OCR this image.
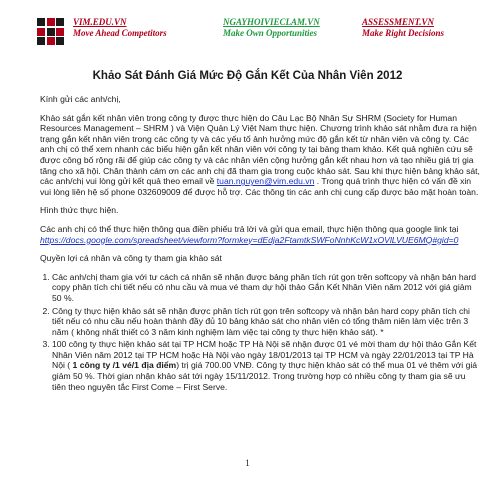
VIM.EDU.VN
Move Ahead Competitors
NGAYHOIVIECLAM.VN
Make Own Opportunities
ASSESSMENT.VN
Make Right Decisions
Khảo Sát Đánh Giá Mức Độ Gắn Kết Của Nhân Viên 2012

Kính gửi các anh/chị,

Khảo sát gắn kết nhân viên trong công ty được thực hiện do Câu Lạc Bộ Nhân Sự SHRM (Society for Human Resources Management – SHRM ) và Viện Quản Lý Việt Nam thực hiện. Chương trình khảo sát nhằm đưa ra hiện trạng gắn kết nhân viên trong các công ty và các yếu tố ảnh hưởng mức độ gắn kết từ nhân viên và công ty. Các anh chị có thể xem nhanh các biểu hiện gắn kết nhân viên với công ty tại bảng tham khảo. Kết quả nghiên cứu sẽ được công bố rộng rãi để giúp các công ty và các nhân viên cộng hưởng gắn kết nhau hơn và tạo nhiều giá trị gia tăng cho xã hội. Chân thành cám ơn các anh chị đã tham gia trong cuộc khảo sát. Sau khi thực hiện bảng khảo sát, các anh/chị vui lòng gửi kết quả theo email về tuan.nguyen@vim.edu.vn . Trong quá trình thực hiện có vấn đề xin vui lòng liên hệ số phone 032609009 để được hỗ trợ. Các thông tin các anh chị cung cấp được bảo mật hoàn toàn.

Hình thức thực hiện.

Các anh chị có thể thực hiện thông qua điền phiếu trả lời và gửi qua email, thực hiện thông qua google link tại
https://docs.google.com/spreadsheet/viewform?formkey=dEdja2FtamtkSWFoNnhKcW1xOVlLVUE6MQ#gid=0

Quyền lợi cá nhân và công ty tham gia khảo sát

1. Các anh/chị tham gia với tư cách cá nhân sẽ nhận được bảng phân tích rút gọn trên softcopy và nhận bản hard copy phân tích chi tiết nếu có nhu cầu và mua vé tham dự hội thảo Gắn Kết Nhân Viên năm 2012 với giá giảm 50 %.
2. Công ty thực hiện khảo sát sẽ nhận được phân tích rút gọn trên softcopy và nhận bản hard copy phân tích chi tiết nếu có nhu cầu nếu hoàn thành đầy đủ 10 bảng khảo sát cho nhân viên có tổng thâm niên làm việc trên 3 năm ( không nhất thiết có 3 năm kinh nghiệm làm việc tại công ty thực hiện khảo sát). *
3. 100 công ty thực hiện khảo sát tại TP HCM hoặc TP Hà Nội sẽ nhận được 01 vé mời tham dự hội thảo Gắn Kết Nhân Viên năm 2012 tại TP HCM hoặc Hà Nội vào ngày 18/01/2013 tại TP HCM và ngày 22/01/2013 tại TP Hà Nội ( 1 công ty /1 vé/1 địa điểm) trị giá 700.00 VNĐ. Công ty thực hiện khảo sát có thể mua 01 vé thêm với giá giảm 50 %. Thời gian nhận khảo sát tới ngày 15/11/2012. Trong trường hợp có nhiều công ty tham gia sẽ ưu tiên theo nguyên tắc First Come – First Serve.
1
